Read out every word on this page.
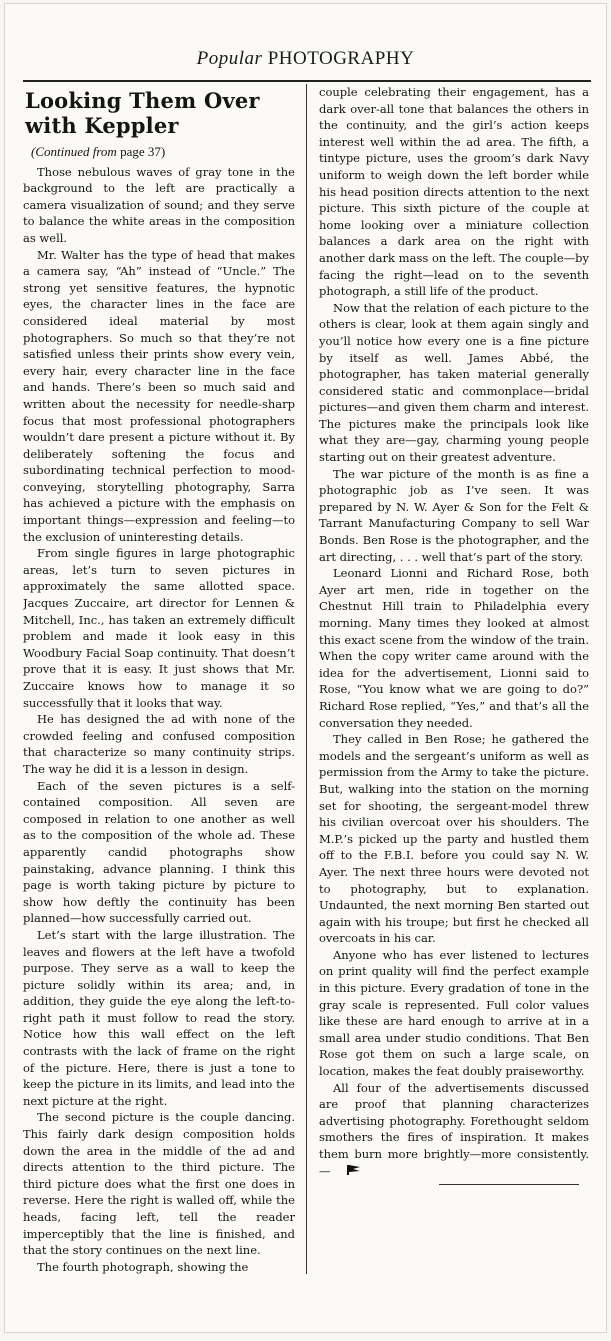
Popular PHOTOGRAPHY
Looking Them Over with Keppler
(Continued from page 37)

Those nebulous waves of gray tone in the background to the left are practically a camera visualization of sound; and they serve to balance the white areas in the composition as well.

Mr. Walter has the type of head that makes a camera say, “Ah” instead of “Uncle.” The strong yet sensitive features, the hypnotic eyes, the character lines in the face are considered ideal material by most photographers. So much so that they’re not satisfied unless their prints show every vein, every hair, every character line in the face and hands. There’s been so much said and written about the necessity for needle-sharp focus that most professional photographers wouldn’t dare present a picture without it. By deliberately softening the focus and subordinating technical perfection to mood-conveying, storytelling photography, Sarra has achieved a picture with the emphasis on important things—expression and feeling—to the exclusion of uninteresting details.

From single figures in large photographic areas, let’s turn to seven pictures in approximately the same allotted space. Jacques Zuccaire, art director for Lennen & Mitchell, Inc., has taken an extremely difficult problem and made it look easy in this Woodbury Facial Soap continuity. That doesn’t prove that it is easy. It just shows that Mr. Zuccaire knows how to manage it so successfully that it looks that way.

He has designed the ad with none of the crowded feeling and confused composition that characterize so many continuity strips. The way he did it is a lesson in design.

Each of the seven pictures is a self-contained composition. All seven are composed in relation to one another as well as to the composition of the whole ad. These apparently candid photographs show painstaking, advance planning. I think this page is worth taking picture by picture to show how deftly the continuity has been planned—how successfully carried out.

Let’s start with the large illustration. The leaves and flowers at the left have a twofold purpose. They serve as a wall to keep the picture solidly within its area; and, in addition, they guide the eye along the left-to-right path it must follow to read the story. Notice how this wall effect on the left contrasts with the lack of frame on the right of the picture. Here, there is just a tone to keep the picture in its limits, and lead into the next picture at the right.

The second picture is the couple dancing. This fairly dark design composition holds down the area in the middle of the ad and directs attention to the third picture. The third picture does what the first one does in reverse. Here the right is walled off, while the heads, facing left, tell the reader imperceptibly that the line is finished, and that the story continues on the next line.

The fourth photograph, showing the

couple celebrating their engagement, has a dark over-all tone that balances the others in the continuity, and the girl’s action keeps interest well within the ad area. The fifth, a tintype picture, uses the groom’s dark Navy uniform to weigh down the left border while his head position directs attention to the next picture. This sixth picture of the couple at home looking over a miniature collection balances a dark area on the right with another dark mass on the left. The couple—by facing the right—lead on to the seventh photograph, a still life of the product.

Now that the relation of each picture to the others is clear, look at them again singly and you’ll notice how every one is a fine picture by itself as well. James Abbé, the photographer, has taken material generally considered static and commonplace—bridal pictures—and given them charm and interest. The pictures make the principals look like what they are—gay, charming young people starting out on their greatest adventure.

The war picture of the month is as fine a photographic job as I’ve seen. It was prepared by N. W. Ayer & Son for the Felt & Tarrant Manufacturing Company to sell War Bonds. Ben Rose is the photographer, and the art directing, . . . well that’s part of the story.

Leonard Lionni and Richard Rose, both Ayer art men, ride in together on the Chestnut Hill train to Philadelphia every morning. Many times they looked at almost this exact scene from the window of the train. When the copy writer came around with the idea for the advertisement, Lionni said to Rose, “You know what we are going to do?” Richard Rose replied, “Yes,” and that’s all the conversation they needed.

They called in Ben Rose; he gathered the models and the sergeant’s uniform as well as permission from the Army to take the picture. But, walking into the station on the morning set for shooting, the sergeant-model threw his civilian overcoat over his shoulders. The M.P.’s picked up the party and hustled them off to the F.B.I. before you could say N. W. Ayer. The next three hours were devoted not to photography, but to explanation. Undaunted, the next morning Ben started out again with his troupe; but first he checked all overcoats in his car.

Anyone who has ever listened to lectures on print quality will find the perfect example in this picture. Every gradation of tone in the gray scale is represented. Full color values like these are hard enough to arrive at in a small area under studio conditions. That Ben Rose got them on such a large scale, on location, makes the feat doubly praiseworthy.

All four of the advertisements discussed are proof that planning characterizes advertising photography. Forethought seldom smothers the fires of inspiration. It makes them burn more brightly—more consistently.—
